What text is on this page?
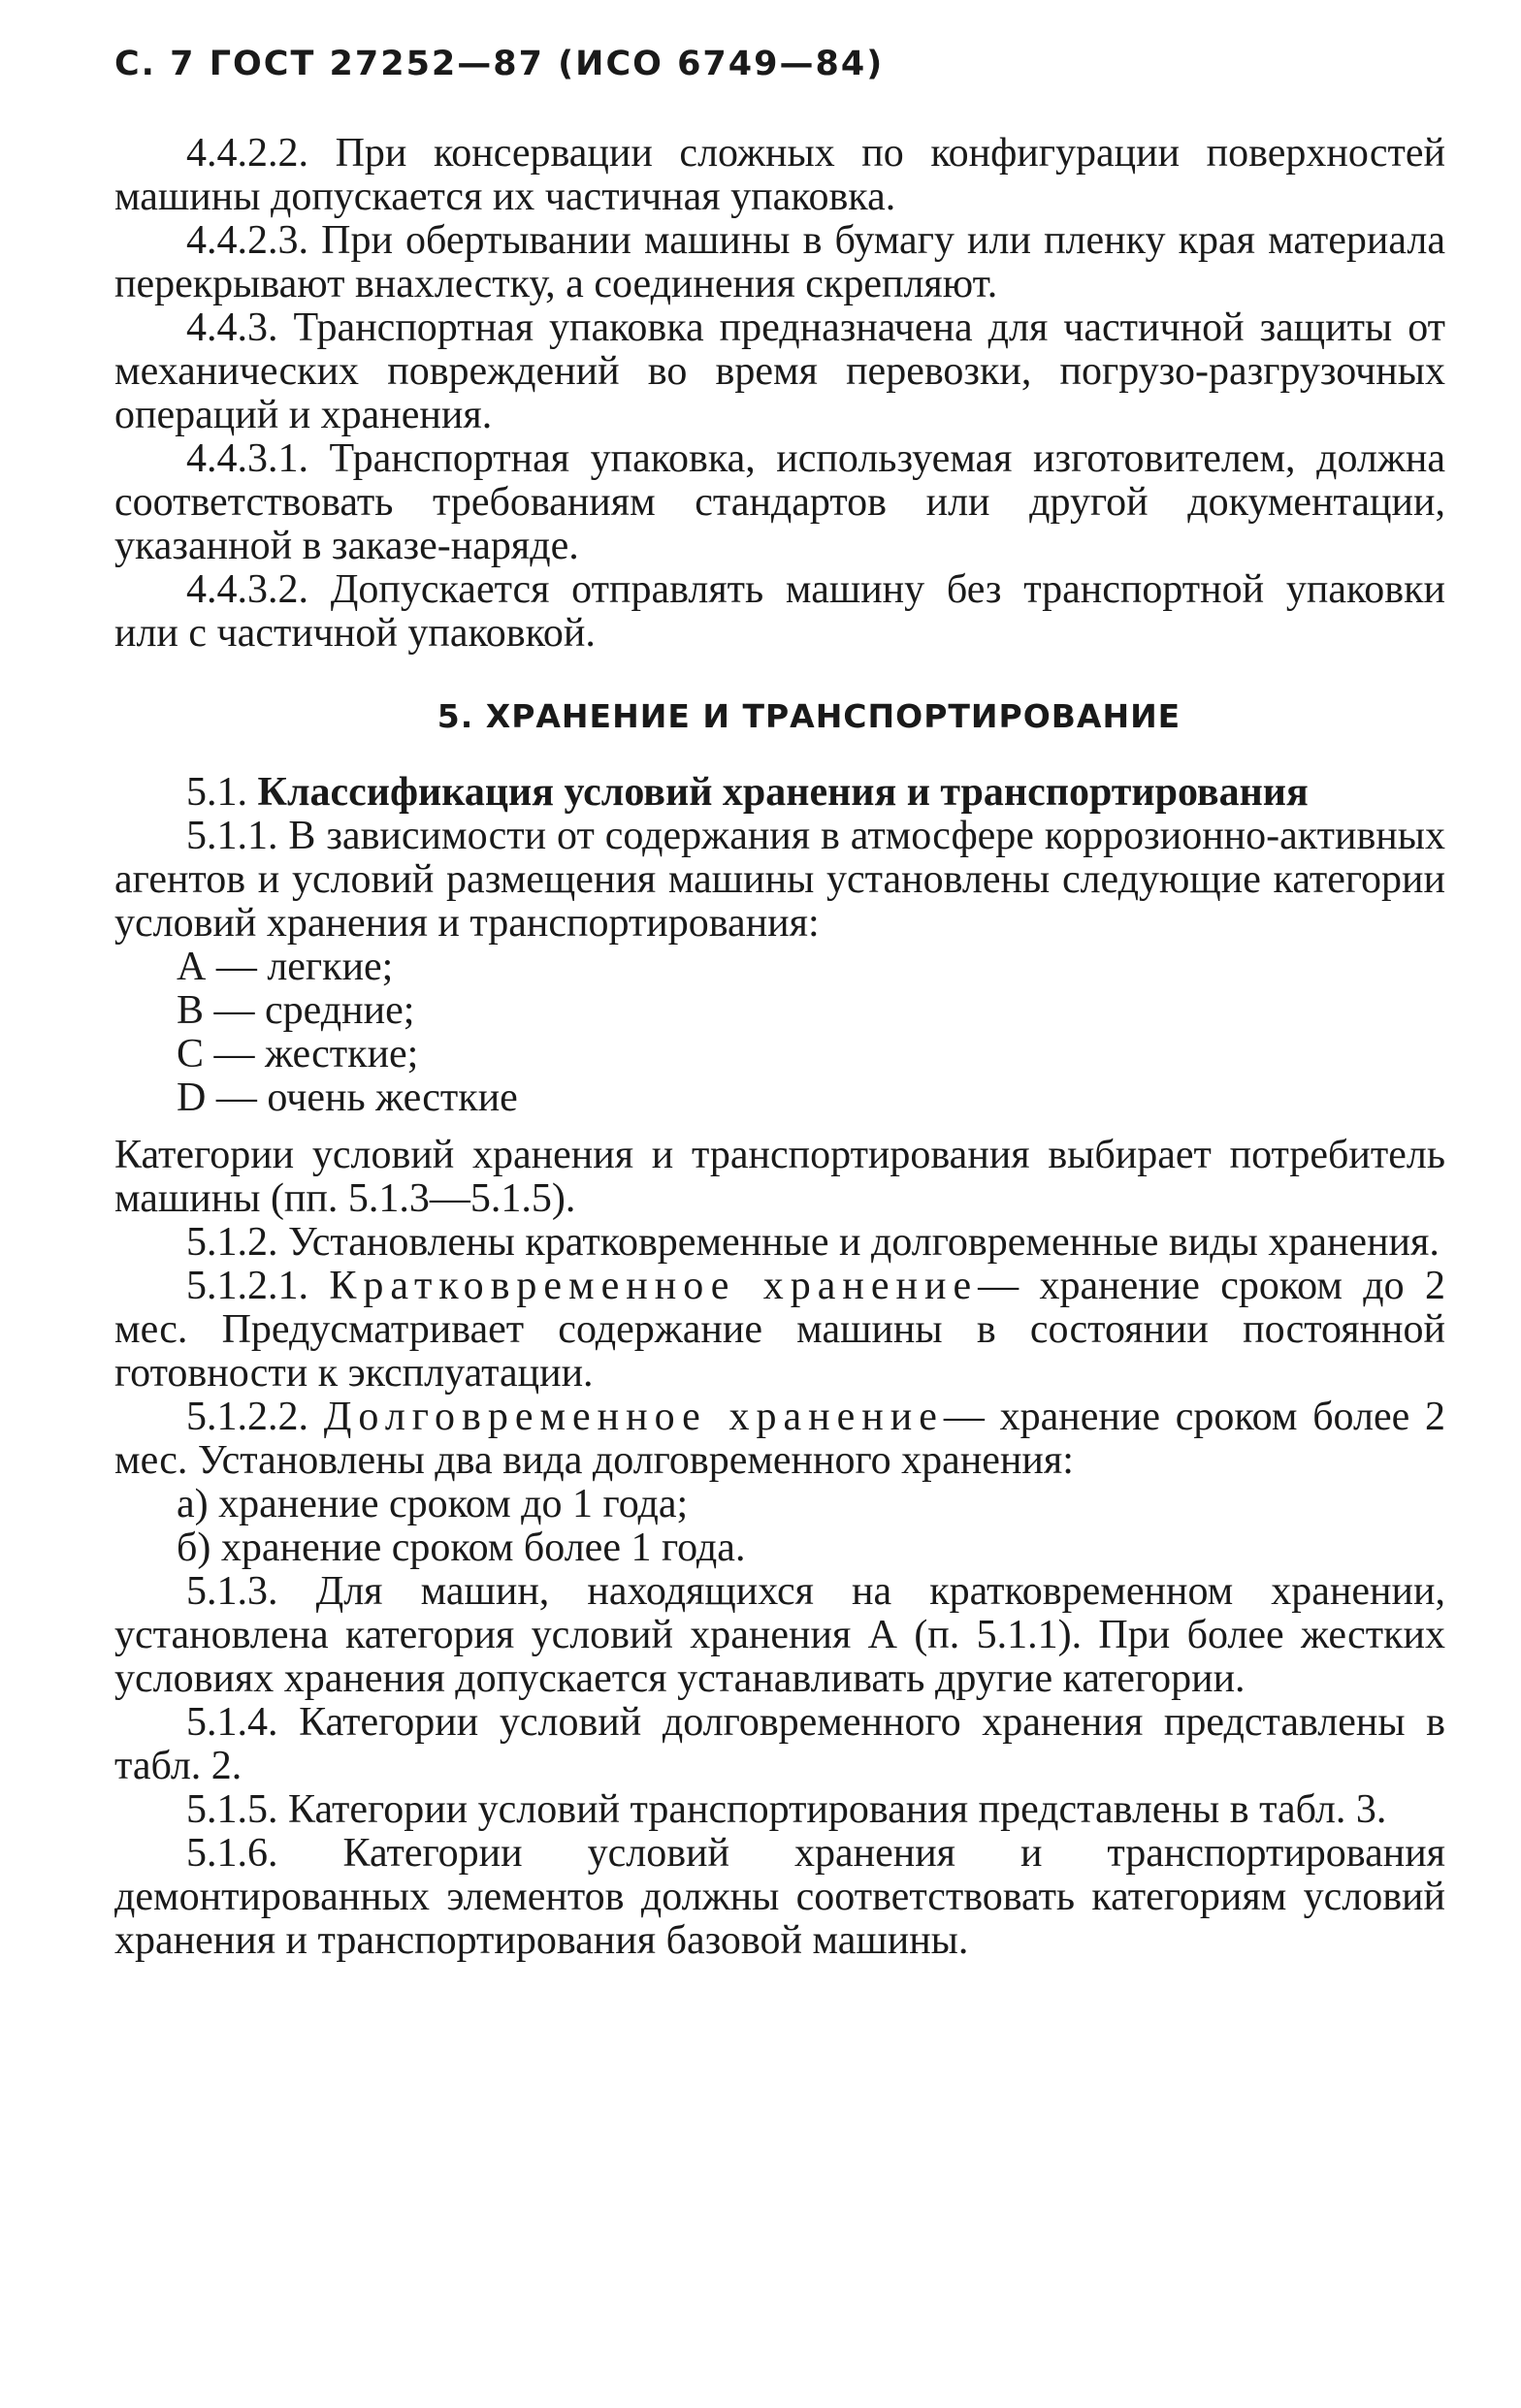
С. 7 ГОСТ 27252—87 (ИСО 6749—84)

4.4.2.2. При консервации сложных по конфигурации поверхностей машины допускается их частичная упаковка.

4.4.2.3. При обертывании машины в бумагу или пленку края материала перекрывают внахлестку, а соединения скрепляют.

4.4.3. Транспортная упаковка предназначена для частичной защиты от механических повреждений во время перевозки, погрузо-разгрузочных операций и хранения.

4.4.3.1. Транспортная упаковка, используемая изготовителем, должна соответствовать требованиям стандартов или другой документации, указанной в заказе-наряде.

4.4.3.2. Допускается отправлять машину без транспортной упаковки или с частичной упаковкой.

5. ХРАНЕНИЕ И ТРАНСПОРТИРОВАНИЕ

5.1. Классификация условий хранения и транспортирования

5.1.1. В зависимости от содержания в атмосфере коррозионно-активных агентов и условий размещения машины установлены следующие категории условий хранения и транспортирования:

А — легкие;

В — средние;

С — жесткие;

D — очень жесткие

Категории условий хранения и транспортирования выбирает потребитель машины (пп. 5.1.3—5.1.5).

5.1.2. Установлены кратковременные и долговременные виды хранения.

5.1.2.1. Кратковременное хранение— хранение сроком до 2 мес. Предусматривает содержание машины в состоянии постоянной готовности к эксплуатации.

5.1.2.2. Долговременное хранение— хранение сроком более 2 мес. Установлены два вида долговременного хранения:

а) хранение сроком до 1 года;

б) хранение сроком более 1 года.

5.1.3. Для машин, находящихся на кратковременном хранении, установлена категория условий хранения А (п. 5.1.1). При более жестких условиях хранения допускается устанавливать другие категории.

5.1.4. Категории условий долговременного хранения представлены в табл. 2.

5.1.5. Категории условий транспортирования представлены в табл. 3.

5.1.6. Категории условий хранения и транспортирования демонтированных элементов должны соответствовать категориям условий хранения и транспортирования базовой машины.
